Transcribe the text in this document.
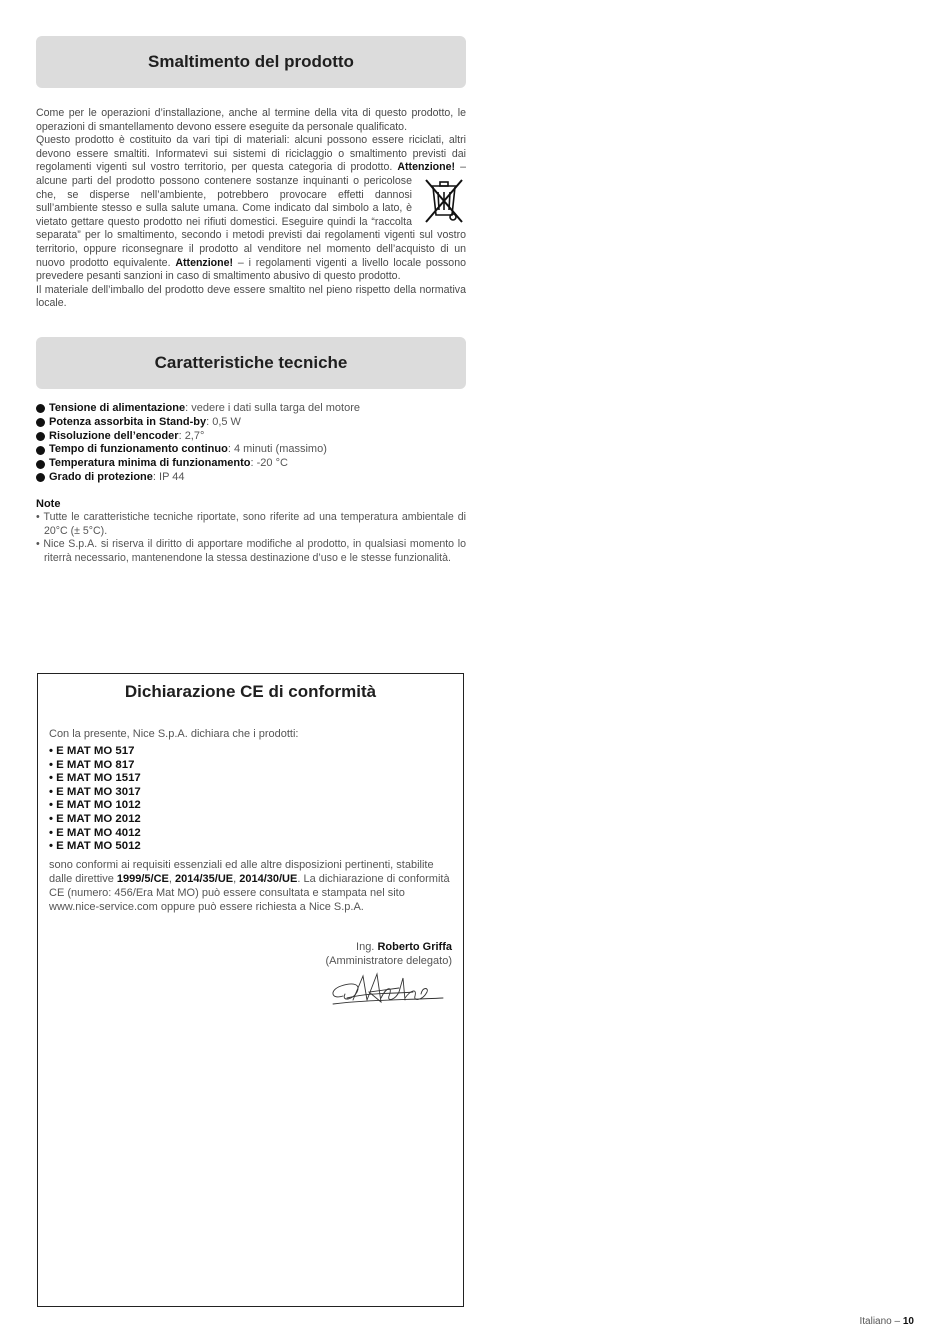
Smaltimento del prodotto

Come per le operazioni d’installazione, anche al termine della vita di questo prodotto, le operazioni di smantellamento devono essere eseguite da personale qualificato.

Questo prodotto è costituito da vari tipi di materiali: alcuni possono essere riciclati, altri devono essere smaltiti. Informatevi sui sistemi di riciclaggio o smaltimento previsti dai regolamenti vigenti sul vostro territorio, per questa categoria di prodotto. Attenzione! – alcune parti del prodotto possono contenere sostanze inquinanti o pericolose che, se disperse nell’ambiente, potrebbero provocare effetti dannosi sull’ambiente stesso e sulla salute umana. Come indicato dal simbolo a lato, è vietato gettare questo prodotto nei rifiuti domestici. Eseguire quindi la “raccolta separata” per lo smaltimento, secondo i metodi previsti dai regolamenti vigenti sul vostro territorio, oppure riconsegnare il prodotto al venditore nel momento dell’acquisto di un nuovo prodotto equivalente. Attenzione! – i regolamenti vigenti a livello locale possono prevedere pesanti sanzioni in caso di smaltimento abusivo di questo prodotto.

Il materiale dell’imballo del prodotto deve essere smaltito nel pieno rispetto della normativa locale.

Caratteristiche tecniche
Tensione di alimentazione : vedere i dati sulla targa del motore
Potenza assorbita in Stand-by : 0,5 W
Risoluzione dell’encoder : 2,7°
Tempo di funzionamento continuo : 4 minuti (massimo)
Temperatura minima di funzionamento : -20 °C
Grado di protezione : IP 44
Note
• Tutte le caratteristiche tecniche riportate, sono riferite ad una temperatura ambientale di 20°C (± 5°C).
• Nice S.p.A. si riserva il diritto di apportare modifiche al prodotto, in qualsiasi momento lo riterrà necessario, mantenendone la stessa destinazione d’uso e le stesse funzionalità.
Dichiarazione CE di conformità
Con la presente, Nice S.p.A. dichiara che i prodotti:
• E MAT MO 517
• E MAT MO 817
• E MAT MO 1517
• E MAT MO 3017
• E MAT MO 1012
• E MAT MO 2012
• E MAT MO 4012
• E MAT MO 5012
sono conformi ai requisiti essenziali ed alle altre disposizioni pertinenti, stabilite dalle direttive 1999/5/CE, 2014/35/UE, 2014/30/UE. La dichiarazione di conformità CE (numero: 456/Era Mat MO) può essere consultata e stampata nel sito www.nice-service.com oppure può essere richiesta a Nice S.p.A.
Ing. Roberto Griffa
(Amministratore delegato)
Italiano – 10
